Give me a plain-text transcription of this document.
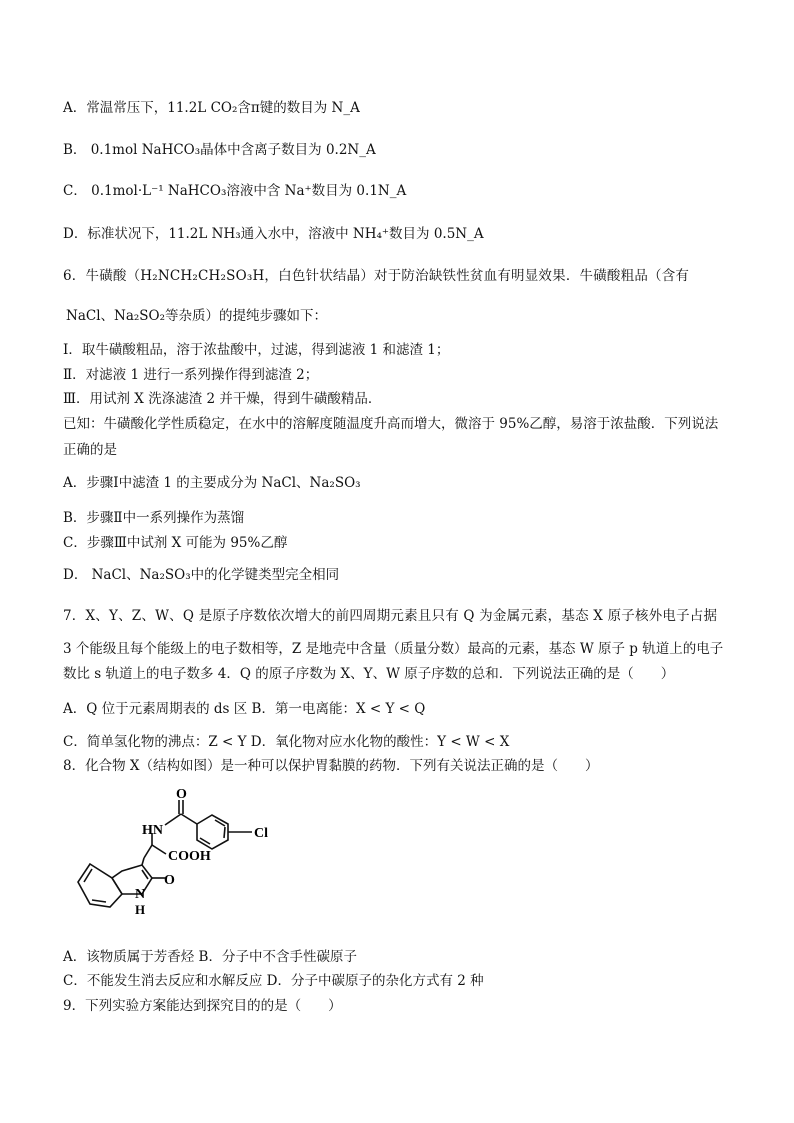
A．常温常压下，11.2L CO₂含π键的数目为 N_A
B． 0.1mol NaHCO₃晶体中含离子数目为 0.2N_A
C． 0.1mol·L⁻¹ NaHCO₃溶液中含 Na⁺数目为 0.1N_A
D．标准状况下，11.2L NH₃通入水中，溶液中 NH₄⁺数目为 0.5N_A
6．牛磺酸（H₂NCH₂CH₂SO₃H，白色针状结晶）对于防治缺铁性贫血有明显效果．牛磺酸粗品（含有
NaCl、Na₂SO₂等杂质）的提纯步骤如下：
Ⅰ．取牛磺酸粗品，溶于浓盐酸中，过滤，得到滤液 1 和滤渣 1；
Ⅱ．对滤液 1 进行一系列操作得到滤渣 2；
Ⅲ．用试剂 X 洗涤滤渣 2 并干燥，得到牛磺酸精品．
已知：牛磺酸化学性质稳定，在水中的溶解度随温度升高而增大，微溶于 95%乙醇，易溶于浓盐酸．下列说法
正确的是
A．步骤Ⅰ中滤渣 1 的主要成分为 NaCl、Na₂SO₃
B．步骤Ⅱ中一系列操作为蒸馏
C．步骤Ⅲ中试剂 X 可能为 95%乙醇
D． NaCl、Na₂SO₃中的化学键类型完全相同
7．X、Y、Z、W、Q 是原子序数依次增大的前四周期元素且只有 Q 为金属元素，基态 X 原子核外电子占据
3 个能级且每个能级上的电子数相等，Z 是地壳中含量（质量分数）最高的元素，基态 W 原子 p 轨道上的电子
数比 s 轨道上的电子数多 4．Q 的原子序数为 X、Y、W 原子序数的总和．下列说法正确的是（　　）
A．Q 位于元素周期表的 ds 区 B．第一电离能：X < Y < Q
C．简单氢化物的沸点：Z < Y D．氧化物对应水化物的酸性：Y < W < X
8．化合物 X（结构如图）是一种可以保护胃黏膜的药物．下列有关说法正确的是（　　）
O
HN	Cl
COOH
N
H
O
A．该物质属于芳香烃 B．分子中不含手性碳原子
C．不能发生消去反应和水解反应 D．分子中碳原子的杂化方式有 2 种
9．下列实验方案能达到探究目的的是（　　）
